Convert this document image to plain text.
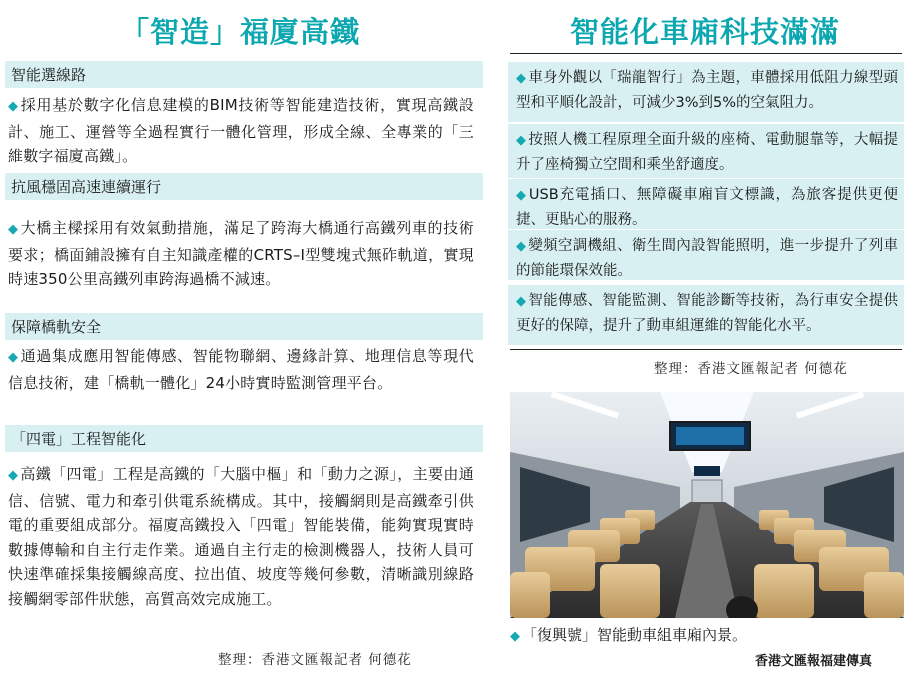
「智造」福廈高鐵
智能選線路
◆ 採用基於數字化信息建模的BIM技術等智能建造技術，實現高鐵設計、施工、運營等全過程實行一體化管理，形成全線、全專業的「三維數字福廈高鐵」。
抗風穩固高速連續運行
◆ 大橋主樑採用有效氣動措施，滿足了跨海大橋通行高鐵列車的技術要求；橋面鋪設擁有自主知識產權的CRTS–I型雙塊式無砟軌道，實現時速350公里高鐵列車跨海過橋不減速。
保障橋軌安全
◆ 通過集成應用智能傳感、智能物聯網、邊緣計算、地理信息等現代信息技術，建「橋軌一體化」24小時實時監測管理平台。
「四電」工程智能化
◆ 高鐵「四電」工程是高鐵的「大腦中樞」和「動力之源」，主要由通信、信號、電力和牽引供電系統構成。其中，接觸網則是高鐵牽引供電的重要組成部分。福廈高鐵投入「四電」智能裝備，能夠實現實時數據傳輸和自主行走作業。通過自主行走的檢測機器人，技術人員可快速準確採集接觸線高度、拉出值、坡度等幾何參數，清晰識別線路接觸網零部件狀態，高質高效完成施工。
整理：香港文匯報記者 何德花
智能化車廂科技滿滿
◆ 車身外觀以「瑞龍智行」為主題，車體採用低阻力線型頭型和平順化設計，可減少3%到5%的空氣阻力。
◆ 按照人機工程原理全面升級的座椅、電動腿靠等，大幅提升了座椅獨立空間和乘坐舒適度。
◆ USB充電插口、無障礙車廂盲文標識，為旅客提供更便捷、更貼心的服務。
◆ 變頻空調機組、衛生間內設智能照明，進一步提升了列車的節能環保效能。
◆ 智能傳感、智能監測、智能診斷等技術，為行車安全提供更好的保障，提升了動車組運維的智能化水平。
整理：香港文匯報記者 何德花
◆ 「復興號」智能動車組車廂內景。
香港文匯報福建傳真
